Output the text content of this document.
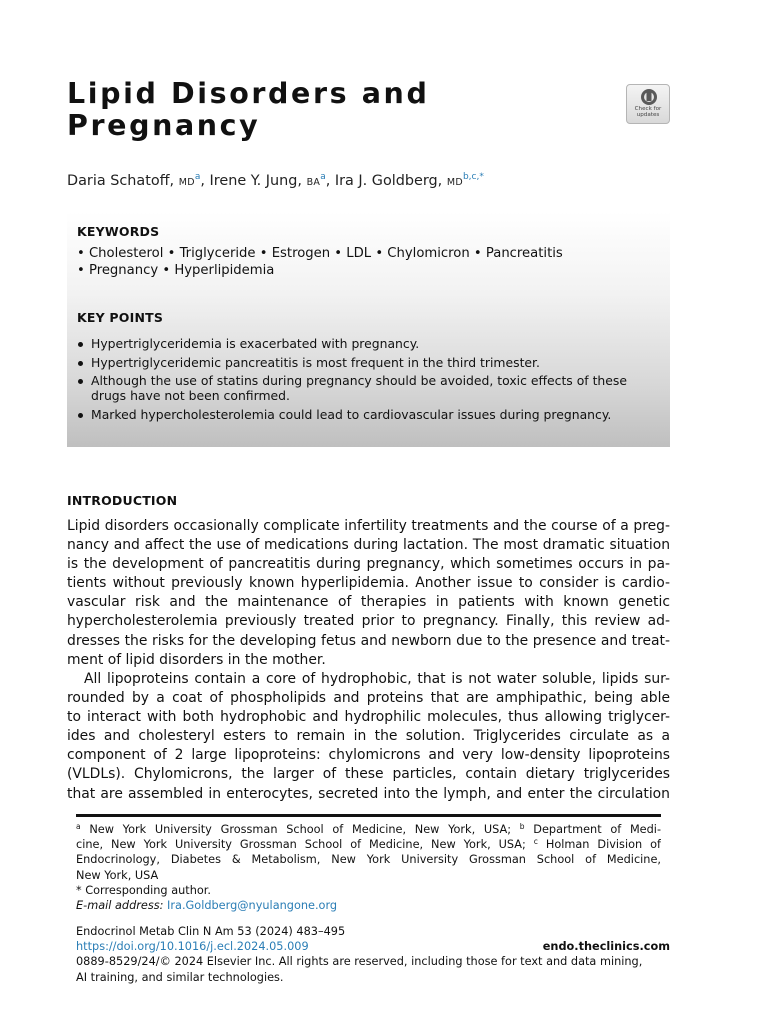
Lipid Disorders and
Pregnancy	Check for
updates
Daria Schatoff, $MD^a$, Irene Y. Jung, $BA^a$, Ira J. Goldberg, $MD^{b,c,*}$
KEYWORDS
• Cholesterol • Triglyceride • Estrogen • LDL • Chylomicron • Pancreatitis
• Pregnancy • Hyperlipidemia
KEY POINTS
Hypertriglyceridemia is exacerbated with pregnancy.
Hypertriglyceridemic pancreatitis is most frequent in the third trimester.
Although the use of statins during pregnancy should be avoided, toxic effects of these drugs have not been confirmed.
Marked hypercholesterolemia could lead to cardiovascular issues during pregnancy.
INTRODUCTION
Lipid disorders occasionally complicate infertility treatments and the course of a preg-
nancy and affect the use of medications during lactation. The most dramatic situation
is the development of pancreatitis during pregnancy, which sometimes occurs in pa-
tients without previously known hyperlipidemia. Another issue to consider is cardio-
vascular risk and the maintenance of therapies in patients with known genetic
hypercholesterolemia previously treated prior to pregnancy. Finally, this review ad-
dresses the risks for the developing fetus and newborn due to the presence and treat-
ment of lipid disorders in the mother.
All lipoproteins contain a core of hydrophobic, that is not water soluble, lipids sur-
rounded by a coat of phospholipids and proteins that are amphipathic, being able
to interact with both hydrophobic and hydrophilic molecules, thus allowing triglycer-
ides and cholesteryl esters to remain in the solution. Triglycerides circulate as a
component of 2 large lipoproteins: chylomicrons and very low-density lipoproteins
(VLDLs). Chylomicrons, the larger of these particles, contain dietary triglycerides
that are assembled in enterocytes, secreted into the lymph, and enter the circulation
$^a$ New York University Grossman School of Medicine, New York, USA; $^b$ Department of Medi-
cine, New York University Grossman School of Medicine, New York, USA; $^c$ Holman Division of
Endocrinology, Diabetes & Metabolism, New York University Grossman School of Medicine,
New York, USA
* Corresponding author.
E-mail address: Ira.Goldberg@nyulangone.org
Endocrinol Metab Clin N Am 53 (2024) 483–495
https://doi.org/10.1016/j.ecl.2024.05.009	endo.theclinics.com
0889-8529/24/© 2024 Elsevier Inc. All rights are reserved, including those for text and data mining,
AI training, and similar technologies.
